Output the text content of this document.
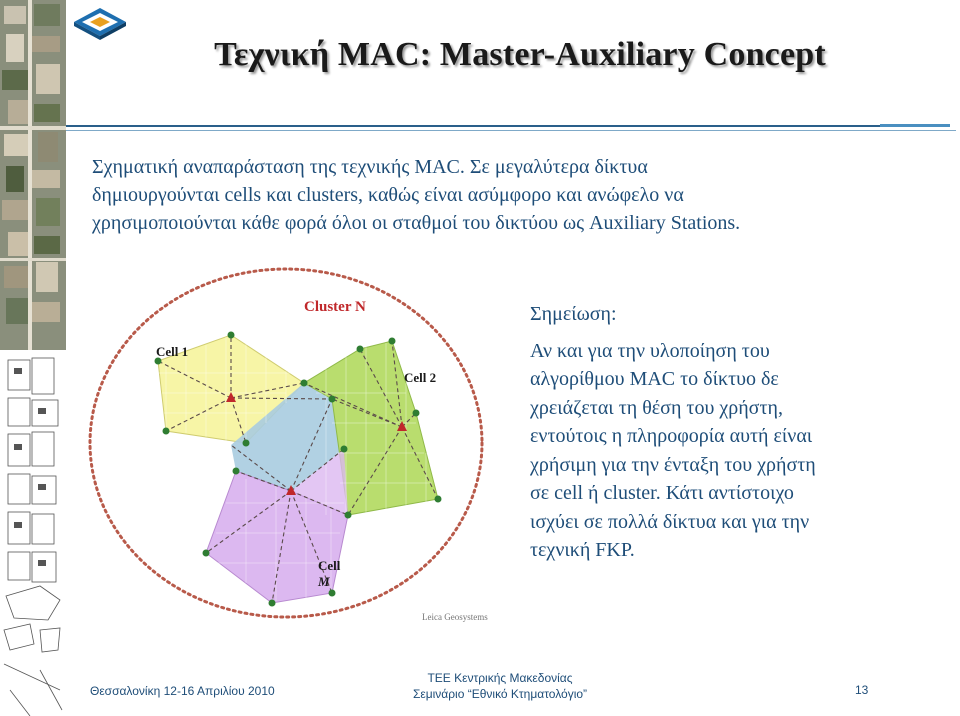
Τεχνική MAC: Master-Auxiliary Concept
Σχηματική αναπαράσταση της τεχνικής MAC. Σε μεγαλύτερα δίκτυα
δημιουργούνται cells και clusters, καθώς είναι ασύμφορο και ανώφελο να
χρησιμοποιούνται κάθε φορά όλοι οι σταθμοί του δικτύου ως Auxiliary Stations.
Cluster N
Cell 1
Cell 2
Cell
M
Leica Geosystems
Σημείωση:
Αν και για την υλοποίηση του
αλγορίθμου MAC το δίκτυο δε
χρειάζεται τη θέση του χρήστη,
εντούτοις η πληροφορία αυτή είναι
χρήσιμη για την ένταξη του χρήστη
σε cell ή cluster. Κάτι αντίστοιχο
ισχύει σε πολλά δίκτυα και για την
τεχνική FKP.
Θεσσαλονίκη 12-16 Απριλίου 2010
ΤΕΕ Κεντρικής Μακεδονίας
Σεμινάριο “Εθνικό Κτηματολόγιο”	13
